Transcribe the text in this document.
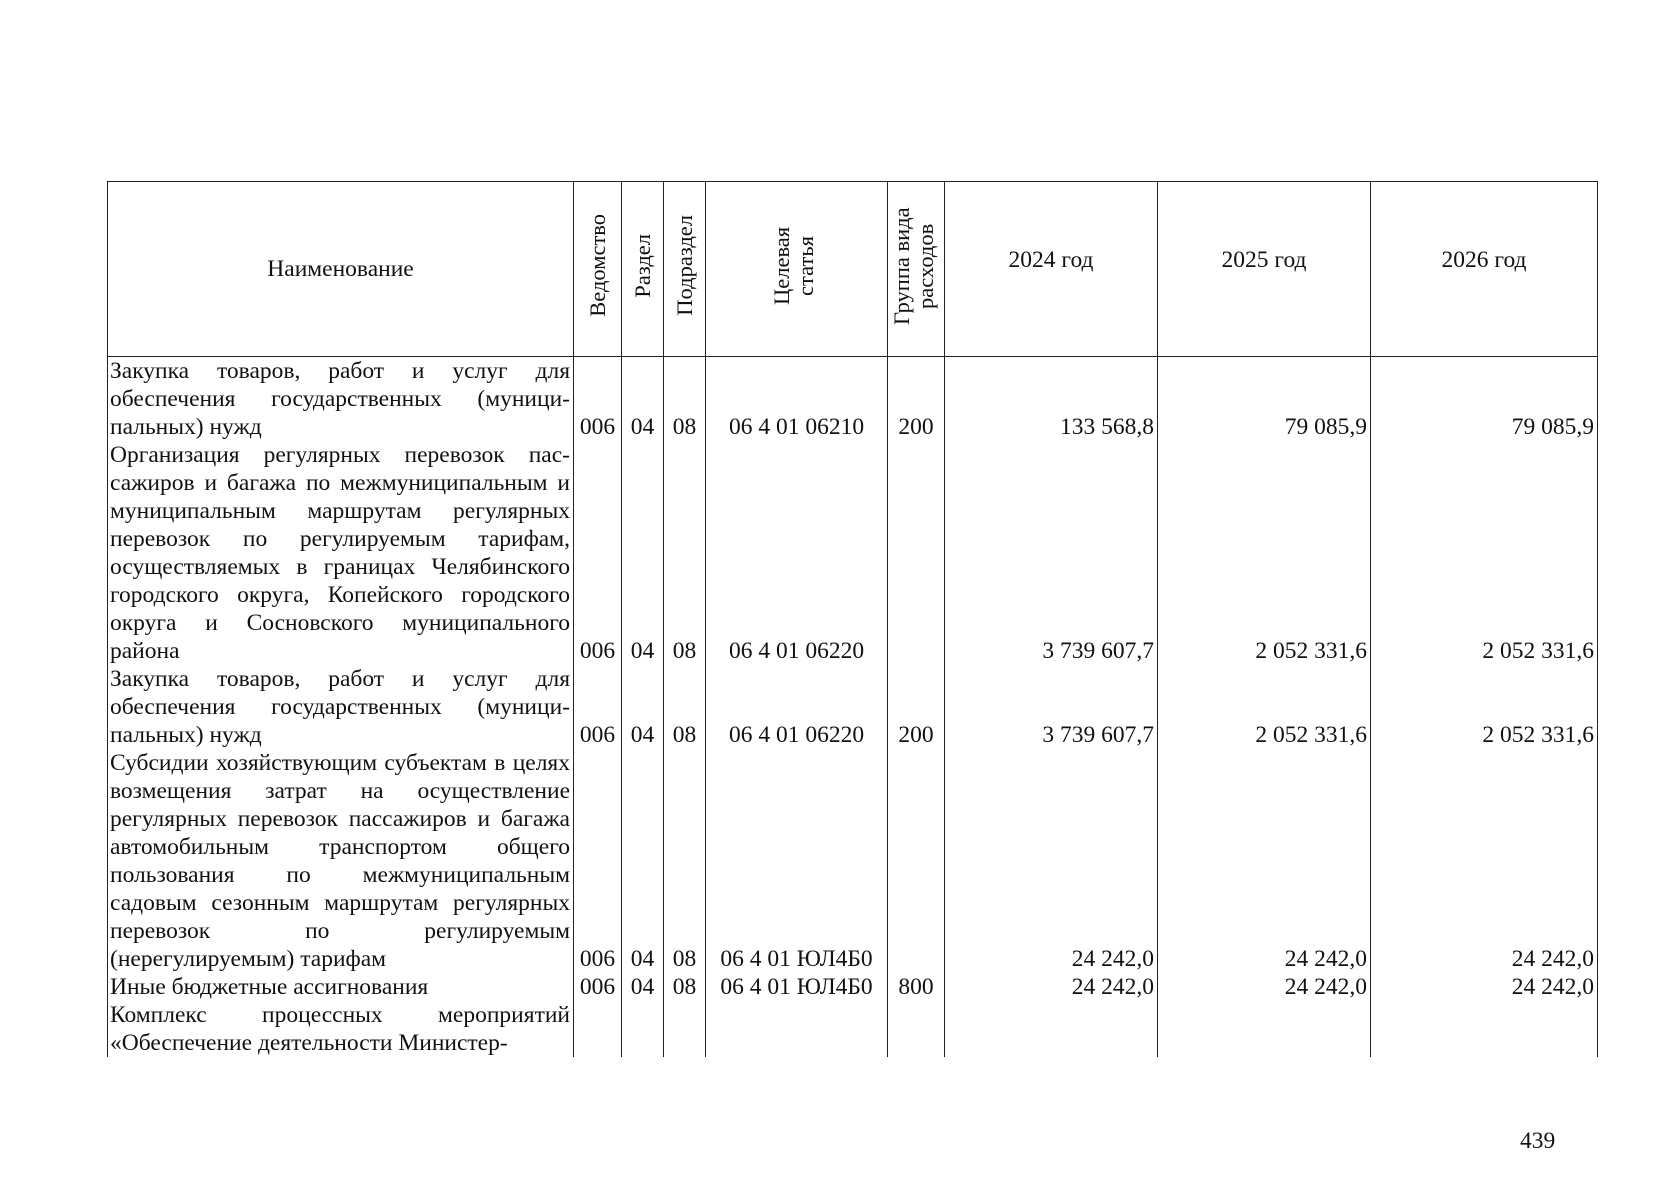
Наименование	Ведомство	Раздел	Подраздел	Целевая статья	Группа вида расходов	2024 год	2025 год	2026 год
Закупка товаров, работ и услуг для обеспечения государственных (муниципальных) нужд	006	04	08	06 4 01 06210	200	133 568,8	79 085,9	79 085,9
Организация регулярных перевозок пассажиров и багажа по межмуниципальным и муниципальным маршрутам регулярных перевозок по регулируемым тарифам, осуществляемых в границах Челябинского городского округа, Копейского городского округа и Сосновского муниципального района	006	04	08	06 4 01 06220		3 739 607,7	2 052 331,6	2 052 331,6
Закупка товаров, работ и услуг для обеспечения государственных (муниципальных) нужд	006	04	08	06 4 01 06220	200	3 739 607,7	2 052 331,6	2 052 331,6
Субсидии хозяйствующим субъектам в целях возмещения затрат на осуществление регулярных перевозок пассажиров и багажа автомобильным транспортом общего пользования по межмуниципальным садовым сезонным маршрутам регулярных перевозок по регулируемым (нерегулируемым) тарифам	006	04	08	06 4 01 ЮЛ4Б0		24 242,0	24 242,0	24 242,0
Иные бюджетные ассигнования	006	04	08	06 4 01 ЮЛ4Б0	800	24 242,0	24 242,0	24 242,0
Комплекс процессных мероприятий «Обеспечение деятельности Министер-								
439
